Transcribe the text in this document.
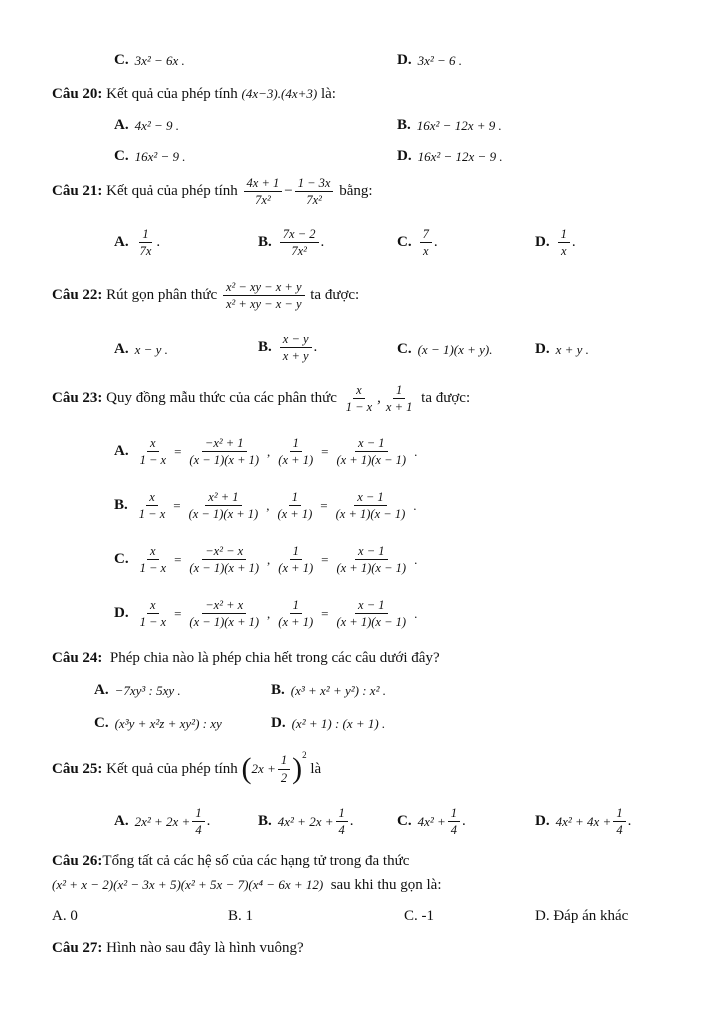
C. 3x² − 6x .	D. 3x² − 6 .
Câu 20: Kết quả của phép tính (4x−3).(4x+3) là:
A. 4x² − 9 .	B. 16x² − 12x + 9 .
C. 16x² − 9 .	D. 16x² − 12x − 9 .
Câu 21:
Kết quả của phép tính
$\frac{4x + 1}{\text{7x²}} - \frac{1 - 3x}{\text{7x²}}$
bằng:
A. $\frac{1}{7x}$ .	B. $\frac{7x - 2}{\text{7x²}}$ .	C. $\frac{7}{x}$ .	D. $\frac{1}{x}$ .
Câu 22:
Rút gọn phân thức
$\frac{\text{x² − xy − x + y}}{\text{x² + xy − x − y}}$
ta được:
A. x − y .	B. $\frac{x - y}{x + y}$ .	C. (x − 1)(x + y).	D. x + y .
Câu 23:
Quy đồng mẫu thức của các phân thức
$\frac{x}{1 - x}$ , $\frac{1}{x + 1}$
ta được:
A. $\frac{x}{1 - x} = \frac{\text{−x² + 1}}{(x - 1)(x + 1)}$ , $\frac{1}{(x + 1)} = \frac{x - 1}{(x + 1)(x - 1)}$ .
B. $\frac{x}{1 - x} = \frac{\text{x² + 1}}{(x - 1)(x + 1)}$ , $\frac{1}{(x + 1)} = \frac{x - 1}{(x + 1)(x - 1)}$ .
C. $\frac{x}{1 - x} = \frac{\text{−x² − x}}{(x - 1)(x + 1)}$ , $\frac{1}{(x + 1)} = \frac{x - 1}{(x + 1)(x - 1)}$ .
D. $\frac{x}{1 - x} = \frac{\text{−x² + x}}{(x - 1)(x + 1)}$ , $\frac{1}{(x + 1)} = \frac{x - 1}{(x + 1)(x - 1)}$ .
Câu 24: Phép chia nào là phép chia hết trong các câu dưới đây?
A. −7xy³ : 5xy .	B. (x³ + x² + y²) : x² .
C. (x³y + x²z + xy²) : xy	D. (x² + 1) : (x + 1) .
Câu 25:
Kết quả của phép tính
( $2x + \frac{1}{2} )^2$

là
A. $2x^2 + 2x + \frac{1}{4}$ .	B. $4x^2 + 2x + \frac{1}{4}$ .	C. $4x^2 + \frac{1}{4}$ .	D. $4x^2 + 4x + \frac{1}{4}$ .
Câu 26:Tổng tất cả các hệ số của các hạng tử trong đa thức
(x² + x − 2)(x² − 3x + 5)(x² + 5x − 7)(x⁴ − 6x + 12) sau khi thu gọn là:
A. 0	B. 1	C. -1	D. Đáp án khác
Câu 27: Hình nào sau đây là hình vuông?
